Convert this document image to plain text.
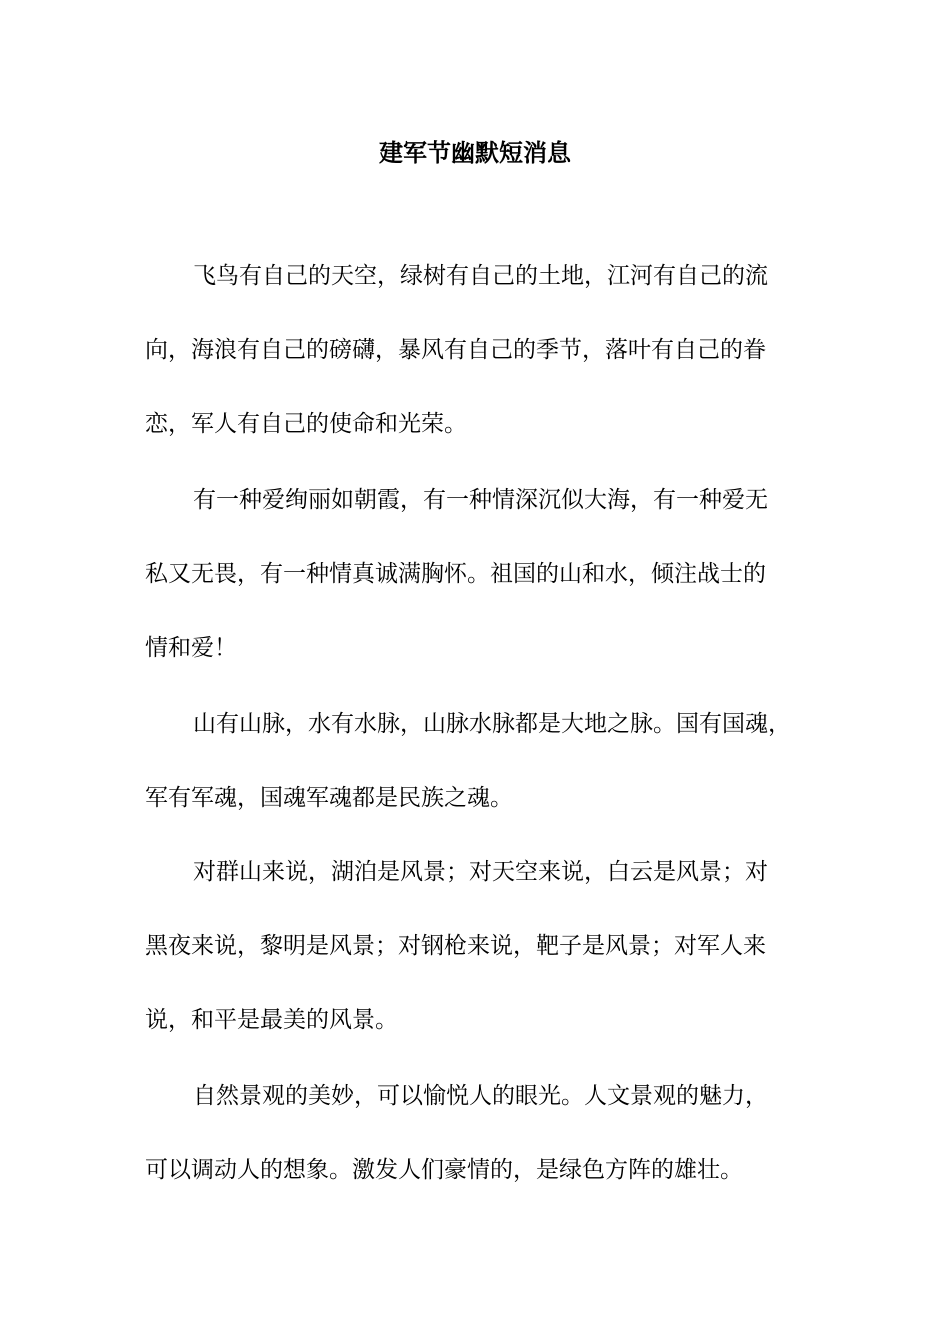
建军节幽默短消息

飞鸟有自己的天空，绿树有自己的土地，江河有自己的流

向，海浪有自己的磅礴，暴风有自己的季节，落叶有自己的眷

恋，军人有自己的使命和光荣。

有一种爱绚丽如朝霞，有一种情深沉似大海，有一种爱无

私又无畏，有一种情真诚满胸怀。祖国的山和水，倾注战士的

情和爱！

山有山脉，水有水脉，山脉水脉都是大地之脉。国有国魂，

军有军魂，国魂军魂都是民族之魂。

对群山来说，湖泊是风景；对天空来说，白云是风景；对

黑夜来说，黎明是风景；对钢枪来说，靶子是风景；对军人来

说，和平是最美的风景。

自然景观的美妙，可以愉悦人的眼光。人文景观的魅力，

可以调动人的想象。激发人们豪情的，是绿色方阵的雄壮。
